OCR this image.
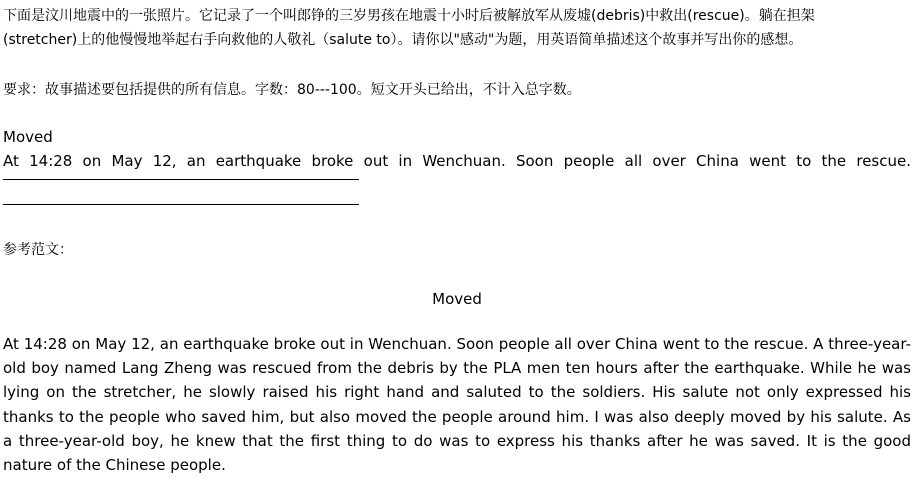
下面是汶川地震中的一张照片。它记录了一个叫郎铮的三岁男孩在地震十小时后被解放军从废墟(debris)中救出(rescue)。躺在担架
(stretcher)上的他慢慢地举起右手向救他的人敬礼（salute to）。请你以"感动"为题，用英语简单描述这个故事并写出你的感想。
要求：故事描述要包括提供的所有信息。字数：80---100。短文开头已给出，不计入总字数。
Moved
At 14:28 on May 12, an earthquake broke out in Wenchuan. Soon people all over China went to the rescue.
参考范文：
Moved
At 14:28 on May 12, an earthquake broke out in Wenchuan. Soon people all over China went to the rescue. A three-year-old boy named Lang Zheng was rescued from the debris by the PLA men ten hours after the earthquake. While he was lying on the stretcher, he slowly raised his right hand and saluted to the soldiers. His salute not only expressed his thanks to the people who saved him, but also moved the people around him. I was also deeply moved by his salute. As a three-year-old boy, he knew that the first thing to do was to express his thanks after he was saved. It is the good nature of the Chinese people.
